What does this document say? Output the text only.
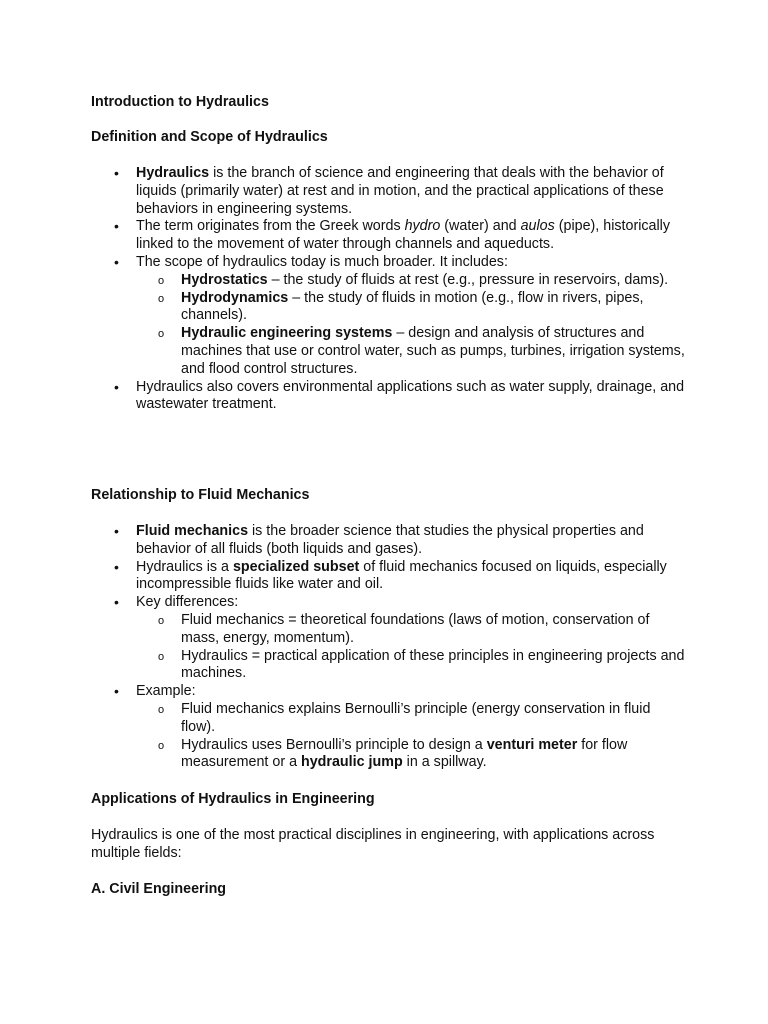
Introduction to Hydraulics
Definition and Scope of Hydraulics
• Hydraulics is the branch of science and engineering that deals with the behavior of liquids (primarily water) at rest and in motion, and the practical applications of these behaviors in engineering systems.
• The term originates from the Greek words hydro (water) and aulos (pipe), historically linked to the movement of water through channels and aqueducts.
• The scope of hydraulics today is much broader. It includes:
o Hydrostatics – the study of fluids at rest (e.g., pressure in reservoirs, dams).
o Hydrodynamics – the study of fluids in motion (e.g., flow in rivers, pipes, channels).
o Hydraulic engineering systems – design and analysis of structures and machines that use or control water, such as pumps, turbines, irrigation systems, and flood control structures.
• Hydraulics also covers environmental applications such as water supply, drainage, and wastewater treatment.
Relationship to Fluid Mechanics
• Fluid mechanics is the broader science that studies the physical properties and behavior of all fluids (both liquids and gases).
• Hydraulics is a specialized subset of fluid mechanics focused on liquids, especially incompressible fluids like water and oil.
• Key differences:
o Fluid mechanics = theoretical foundations (laws of motion, conservation of mass, energy, momentum).
o Hydraulics = practical application of these principles in engineering projects and machines.
• Example:
o Fluid mechanics explains Bernoulli’s principle (energy conservation in fluid flow).
o Hydraulics uses Bernoulli’s principle to design a venturi meter for flow measurement or a hydraulic jump in a spillway.
Applications of Hydraulics in Engineering
Hydraulics is one of the most practical disciplines in engineering, with applications across multiple fields:
A. Civil Engineering
